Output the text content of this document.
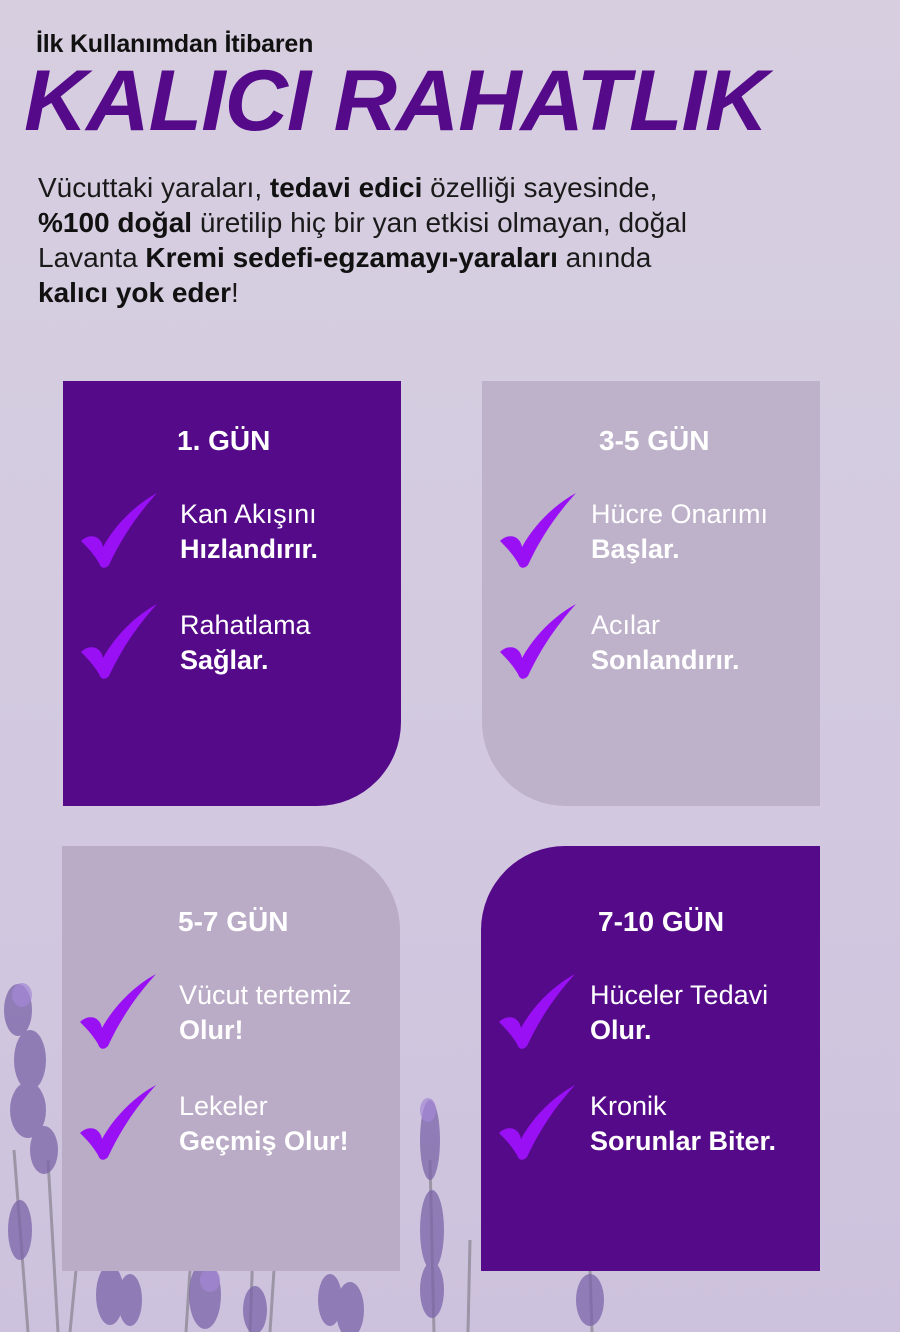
İlk Kullanımdan İtibaren
KALICI RAHATLIK
Vücuttaki yaraları, tedavi edici özelliği sayesinde,
%100 doğal üretilip hiç bir yan etkisi olmayan, doğal
Lavanta Kremi sedefi-egzamayı-yaraları anında
kalıcı yok eder!
1. GÜN
Kan Akışını
Hızlandırır.
Rahatlama
Sağlar.
3-5 GÜN
Hücre Onarımı
Başlar.
Acılar
Sonlandırır.
5-7 GÜN
Vücut tertemiz
Olur!
Lekeler
Geçmiş Olur!
7-10 GÜN
Hüceler Tedavi
Olur.
Kronik
Sorunlar Biter.
